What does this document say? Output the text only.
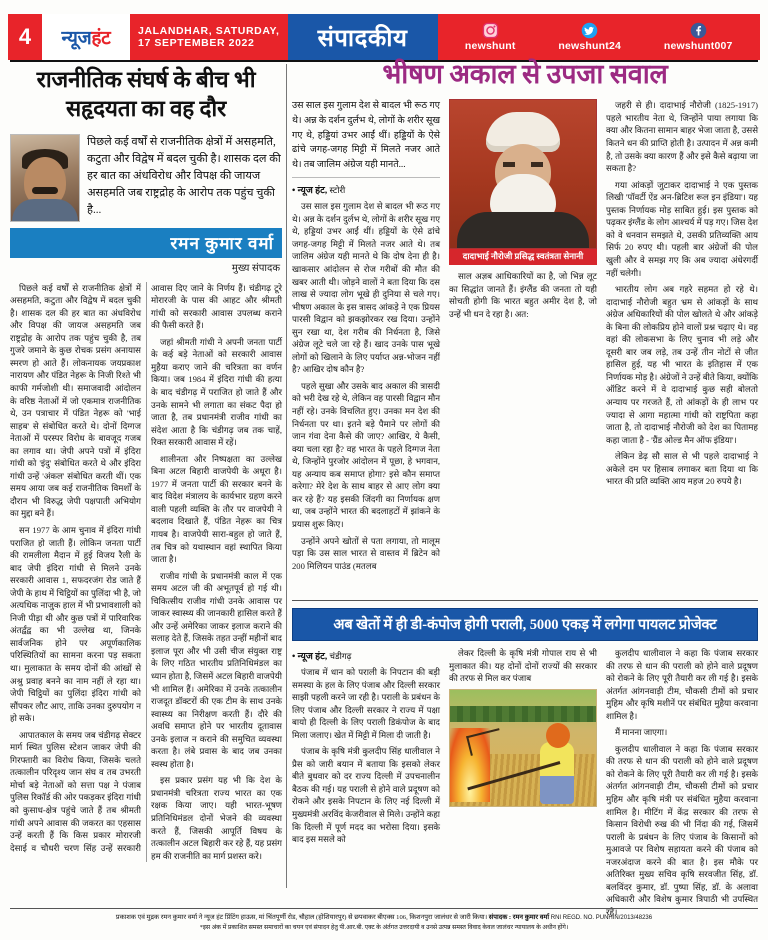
4 न्यूजहंट	JALANDHAR, SATURDAY,
17 SEPTEMBER 2022	संपादकीय	newshunt	newshunt24	newshunt007
राजनीतिक संघर्ष के बीच भी सहृदयता का वह दौर
पिछले कई वर्षों से राजनीतिक क्षेत्रों में असहमति, कटुता और विद्वेष में बदल चुकी है। शासक दल की हर बात का अंधविरोध और विपक्ष की जायज असहमति जब राष्ट्रद्रोह के आरोप तक पहुंच चुकी है...
रमन कुमार वर्मा
मुख्य संपादक

पिछले कई वर्षों से राजनीतिक क्षेत्रों में असहमति, कटुता और विद्वेष में बदल चुकी है। शासक दल की हर बात का अंधविरोध और विपक्ष की जायज असहमति जब राष्ट्रद्रोह के आरोप तक पहुंच चुकी है, तब गुजरे जमाने के कुछ रोचक प्रसंग अनायास स्मरण हो आते हैं। लोकनायक जयप्रकाश नारायण और पंडित नेहरू के निजी रिश्ते भी काफी गर्मजोशी थी। समाजवादी आंदोलन के वरिष्ठ नेताओं में जो एकमात्र राजनीतिक थे, उन पत्राचार में पंडित नेहरू को 'भाई साहब' से संबोधित करते थे। दोनों दिग्गज नेताओं में परस्पर विरोध के बावजूद गजब का लगाव था। जेपी अपने पत्रों में इंदिरा गांधी को 'इंदु' संबोधित करते थे और इंदिरा गांधी उन्हें 'अंकल' संबोधित करती थीं। एक समय आया जब कई राजनीतिक विमर्शों के दौरान भी विरुद्ध जेपी पक्षपाती अभियोग का मुद्दा बने हैं।

सन 1977 के आम चुनाव में इंदिरा गांधी पराजित हो जाती हैं। लोकिन जनता पार्टी की रामलीला मैदान में हुई विजय रैली के बाद जेपी इंदिरा गांधी से मिलने उनके सरकारी आवास 1, सफदरजंग रोड जाते हैं जेपी के हाथ में चिट्ठियों का पुलिंदा भी है, जो अत्यधिक नाजुक हाल में भी प्रभावशाली को निजी पीड़ा थी और कुछ पत्रों में पारिवारिक अंतर्द्वंद्व का भी उल्लेख था, जिनके सार्वजनिक होने पर अपूर्णकालिक परिस्थितियों का सामना करना पड़ सकता था। मुलाकात के समय दोनों की आंखों से अश्रु प्रवाह बनने का नाम नहीं ले रहा था। जेपी चिट्ठियों का पुलिंदा इंदिरा गांधी को सौंपकर लौट आए, ताकि उनका दुरुपयोग न हो सके।

आपातकाल के समय जब चंडीगढ़ सेक्टर मार्ग स्थित पुलिस स्टेशन जाकर जेपी की गिरफ्तारी का विरोध किया, जिसके चलते तत्कालीन परिदृश्य जान संघ व तब उभरती मोर्चा बड़े नेताओं को सत्ता पक्ष ने पंजाब पुलिस रिकॉर्ड की ओर पकड़कर इंदिरा गांधी को कुसाध-क्षेत्र पहुंचे जाते हैं तब श्रीमती गांधी अपने आवास की जकरत का एहसास उन्हें करती हैं कि किस प्रकार मोरारजी देसाई व चौधरी चरण सिंह उन्हें सरकारी आवास दिए जाने के निर्णय हैं। चंडीगढ़ टूरे मोरारजी के पास की आहट और श्रीमती गांधी को सरकारी आवास उपलब्ध कराने की फैसी करते हैं।

जहां श्रीमती गांधी ने अपनी जनता पार्टी के कई बड़े नेताओं को सरकारी आवास मुहैया कराए जाने की चरित्रता का वर्णन किया। जब 1984 में इंदिरा गांधी की हत्या के बाद चंडीगढ़ में पराजित हो जाते हैं और उनके सामने भी लगाता का संकट पैदा हो जाता है, तब प्रधानमंत्री राजीव गांधी का संदेश आता है कि चंडीगढ़ जब तक चाहें, रिक्त सरकारी आवास में रहें।

शालीनता और निष्पक्षता का उल्लेख बिना अटल बिहारी वाजपेयी के अधूरा है। 1977 में जनता पार्टी की सरकार बनने के बाद विदेश मंत्रालय के कार्यभार ग्रहण करने वाली पहली व्यक्ति के तौर पर वाजपेयी ने बदलाव दिखाते हैं, पंडित नेहरू का चित्र गायब है। वाजपेयी सारा-बहुल हो जाते हैं, तब चित्र को यथास्थान वहां स्थापित किया जाता है।

राजीव गांधी के प्रधानमंत्री काल में एक समय अटल जी की अभूतपूर्व हो गई थी। चिकित्सीय राजीव गांधी उनके आवास पर जाकर स्वास्थ्य की जानकारी हासिल करते हैं और उन्हें अमेरिका जाकर इलाज कराने की सलाह देते हैं, जिसके तहत उन्हीं महीनों बाद इलाज पूरा और भी उसी चीज संयुक्त राष्ट्र के लिए गठित भारतीय प्रतिनिधिमंडल का ध्यान होता है, जिसमें अटल बिहारी वाजपेयी भी शामिल हैं। अमेरिका में उनके तत्कालीन राजदूत डॉक्टरों की एक टीम के साथ उनके स्वास्थ्य का निरीक्षण करती हैं। दौरे की अवधि समाप्त होने पर भारतीय दूतावास उनके इलाज न कराने की समुचित व्यवस्था करता है। लंबे प्रवास के बाद जब उनका स्वस्थ होता है।

इस प्रकार प्रसंग यह भी कि देश के प्रधानमंत्री चरित्रता राज्य भारत का एक रक्षक किया जाए। यही भारत-भूषण प्रतिनिधिमंडल दोनों भेजने की व्यवस्था करते हैं, जिसकी आपूर्ति विषय के तत्कालीन अटल बिहारी कर रहे हैं, यह प्रसंग हम की राजनीति का मार्ग प्रशस्त करे।

भीषण अकाल से उपजा सवाल
उस साल इस गुलाम देश से बादल भी रूठ गए थे। अन्न के दर्शन दुर्लभ थे, लोगों के शरीर सूख गए थे, हड्डियां उभर आईं थीं। हड्डियों के ऐसे ढांचे जगह-जगह मिट्टी में मिलते नजर आते थे। तब जालिम अंग्रेज यही मानते...
• न्यूज हंट, स्टोरी

उस साल इस गुलाम देश से बादल भी रूठ गए थे। अन्न के दर्शन दुर्लभ थे, लोगों के शरीर सूख गए थे, हड्डियां उभर आईं थीं। हड्डियों के ऐसे ढांचे जगह-जगह मिट्टी में मिलते नजर आते थे। तब जालिम अंग्रेज यही मानते थे कि दोष देना ही है। खाकसार आंदोलन से रोज गरीबों की मौत की खबर आती थी। जोड़ने वालों ने बता दिया कि दस लाख से ज्यादा लोग भूखे ही दुनिया से चले गए। भीषण अकाल के इस त्रासद आंकड़े ने एक प्रियस पारसी विद्वान को झकझोरकर रख दिया। उन्होंने सुन रखा था, देश गरीब की निर्धनता है, जिसे अंग्रेज लूटे चले जा रहे हैं। खाद उनके पास भूखे लोगों को खिलाने के लिए पर्याप्त अन्न-भोजन नहीं है? आखिर दोष कौन है?

पहले सुखा और उसके बाद अकाल की त्रासदी को भरी देख रहे थे, लेकिन वह पारसी विद्वान मौन नहीं रहे। उनके विचलित हुए। उनका मन देश की निर्धनता पर था। इतने बड़े पैमाने पर लोगों की जान गंवा देना कैसे की जाए? आखिर, ये कैसी, क्या चला रहा है? वह भारत के पहले दिग्गज नेता थे, जिन्होंने पुरजोर आंदोलन में पूछा, हे भगवान, यह अन्याय कब समाप्त होगा? इसे कौन समाप्त करेगा? मेरे देश के साथ बाहर से आए लोग क्या कर रहे हैं? यह इसकी जिंदगी का निर्णायक क्षण था, जब उन्होंने भारत की बदलाहटों में झांकने के प्रयास शुरू किए।

उन्होंने अपने खोतों से पता लगाया, तो मालूम पड़ा कि उस साल भारत से वास्तव में ब्रिटेन को 200 मिलियन पाउंड (मतलब

दादाभाई नौरोजी प्रसिद्ध स्वतंत्रता सेनानी

साल अज्ञब आधिकारियों का है, जो भिन्न लूट का सिद्धांत जानते हैं। इंग्लैंड की जनता तो यही सोचती होगी कि भारत बहुत अमीर देश है, जो उन्हें भी धन दे रहा है। अत:

जहरी से ही। दादाभाई नौरोजी (1825-1917) पहले भारतीय नेता थे, जिन्होंने पाया लगाया कि क्या और कितना सामान बाहर भेजा जाता है, उससे कितने धन की प्राप्ति होती है। उत्पादन में अन्न कमी है, तो उसके क्या कारण हैं और इसे कैसे बढ़ाया जा सकता है?

गया आंकड़ों जुटाकर दादाभाई ने एक पुस्तक लिखी 'पॉवर्टी ऐंड अन-ब्रिटिश रूल इन इंडिया'। यह पुस्तक निर्णायक मोड़ साबित हुई। इस पुस्तक को पढ़कर इंग्लैंड के लोग आश्चर्य में पड़ गए। जिस देश को वे धनवान समझते थे, उसकी प्रतिव्यक्ति आय सिर्फ 20 रुपए थी। पहली बार अंग्रेजों की पोल खुली और वे समझ गए कि अब ज्यादा अंधेरगर्दी नहीं चलेगी।

भारतीय लोग अब गहरे सहमत हो रहे थे। दादाभाई नौरोजी बहुत भ्रम से आंकड़ों के साथ अंग्रेज अधिकारियों की पोल खोलते थे और आंकड़े के बिना की लोकप्रिय होने वालों प्रश्न चढ़ाए थे। वह वहां की लोकसभा के लिए चुनाव भी लड़े और दूसरी बार जब लड़े, तब उन्हें तीन नोटों से जीत हासिल हुई, यह भी भारत के इतिहास में एक निर्णायक मोड़ है। अंग्रेजों ने उन्हें बीते किया, क्योंकि ऑडिट करने में वे दादाभाई कुछ सही बोलतो अन्याय पर गरजते हैं, तो आंकड़ों के ही लाभ पर ज्यादा से आगा महात्मा गांधी को राष्ट्रपिता कहा जाता है, तो दादाभाई नौरोजी को देश का पितामह कहा जाता है - 'ग्रैंड ओल्ड मैन ऑफ इंडिया'।

लेकिन डेढ़ सौ साल से भी पहले दादाभाई ने अकेले दम पर हिसाब लगाकर बता दिया था कि भारत की प्रति व्यक्ति आय महज 20 रुपये है।

अब खेतों में ही डी-कंपोज होगी पराली, 5000 एकड़ में लगेगा पायलट प्रोजेक्ट
• न्यूज हंट, चंडीगढ़

पंजाब में धान को पराली के निपटान की बड़ी समस्या के हल के लिए पंजाब और दिल्ली सरकार साझी पहली करने जा रही है। पराली के प्रबंधन के लिए पंजाब और दिल्ली सरकार ने राज्य में पक्षा बायो ही दिल्ली के लिए पराली डिकंपोज के बाद मिला जलाए। खेत में मिट्टी में मिला दी जाती है।

पंजाब के कृषि मंत्री कुलदीप सिंह धालीवाल ने प्रैस को जारी बयान में बताया कि इसको लेकर बीते बुधवार को दर राज्य दिल्ली में उपचनालीन बैठक की गई। यह पराली से होने वाले प्रदूषण को रोकने और इसके निपटान के लिए नई दिल्ली में मुख्यमंत्री अरविंद केजरीवाल से मिले। उन्होंने कहा कि दिल्ली में पूर्ण मदद का भरोसा दिया। इसके बाद इस मसले को

लेकर दिल्ली के कृषि मंत्री गोपाल राय से भी मुलाकात की। यह दोनों दोनों राज्यों की सरकार की तरफ से मिल कर पंजाब

कुलदीप धालीवाल ने कहा कि पंजाब सरकार की तरफ से धान की पराली को होने वाले प्रदूषण को रोकने के लिए पूरी तैयारी कर ली गई है। इसके अंतर्गत आंगनवाड़ी टीम, चौकसी टीमों को प्रचार मुहिम और कृषि मशीनें पर संबंधित मुहैया करवाना शामिल है।

मैं मानना जाएगा।

कुलदीप धालीवाल ने कहा कि पंजाब सरकार की तरफ से धान की पराली को होने वाले प्रदूषण को रोकने के लिए पूरी तैयारी कर ली गई है। इसके अंतर्गत आंगनवाड़ी टीम, चौकसी टीमों को प्रचार मुहिम और कृषि मंत्री पर संबंधित मुहैया करवाना शामिल है। मीटिंग में केंद्र सरकार की तरफ से किसान विरोधी रुख की भी निंदा की गई, जिसमें पराली के प्रबंधन के लिए पंजाब के किसानों को मुआवजे पर विशेष सहायता करने की पंजाब को नजरअंदाज करने की बात है। इस मौके पर अतिरिक्त मुख्य सचिव कृषि सरवजीत सिंह, डॉ. बलविंदर कुमार, डॉ. पुष्पा सिंह, डॉ. के अलावा अधिकारी और विशेष कुमार त्रिपाठी भी उपस्थित रहे।

प्रकाशक एवं मुद्रक रमन कुमार वर्मा ने न्यूज हंट प्रिंटिंग हाऊस, मां चिंतपूर्णी रोड, चौहाल (होशियारपुर) से छपवाकर बीएक्स 106, किशनपुरा जालंधर से जारी किया। संपादक : रमन कुमार वर्मा RNI REGD. NO. PUNHIN/2013/48236
*इस अंक में प्रकाशित समस्त समाचारों का चयन एवं संपादन हेतु पी.आर.बी. एक्ट के अंर्तगत उत्तरदायी व उनसे उत्पन्न समस्त विवाद केवल जालंधर न्यायालय के अधीन होंगे।
